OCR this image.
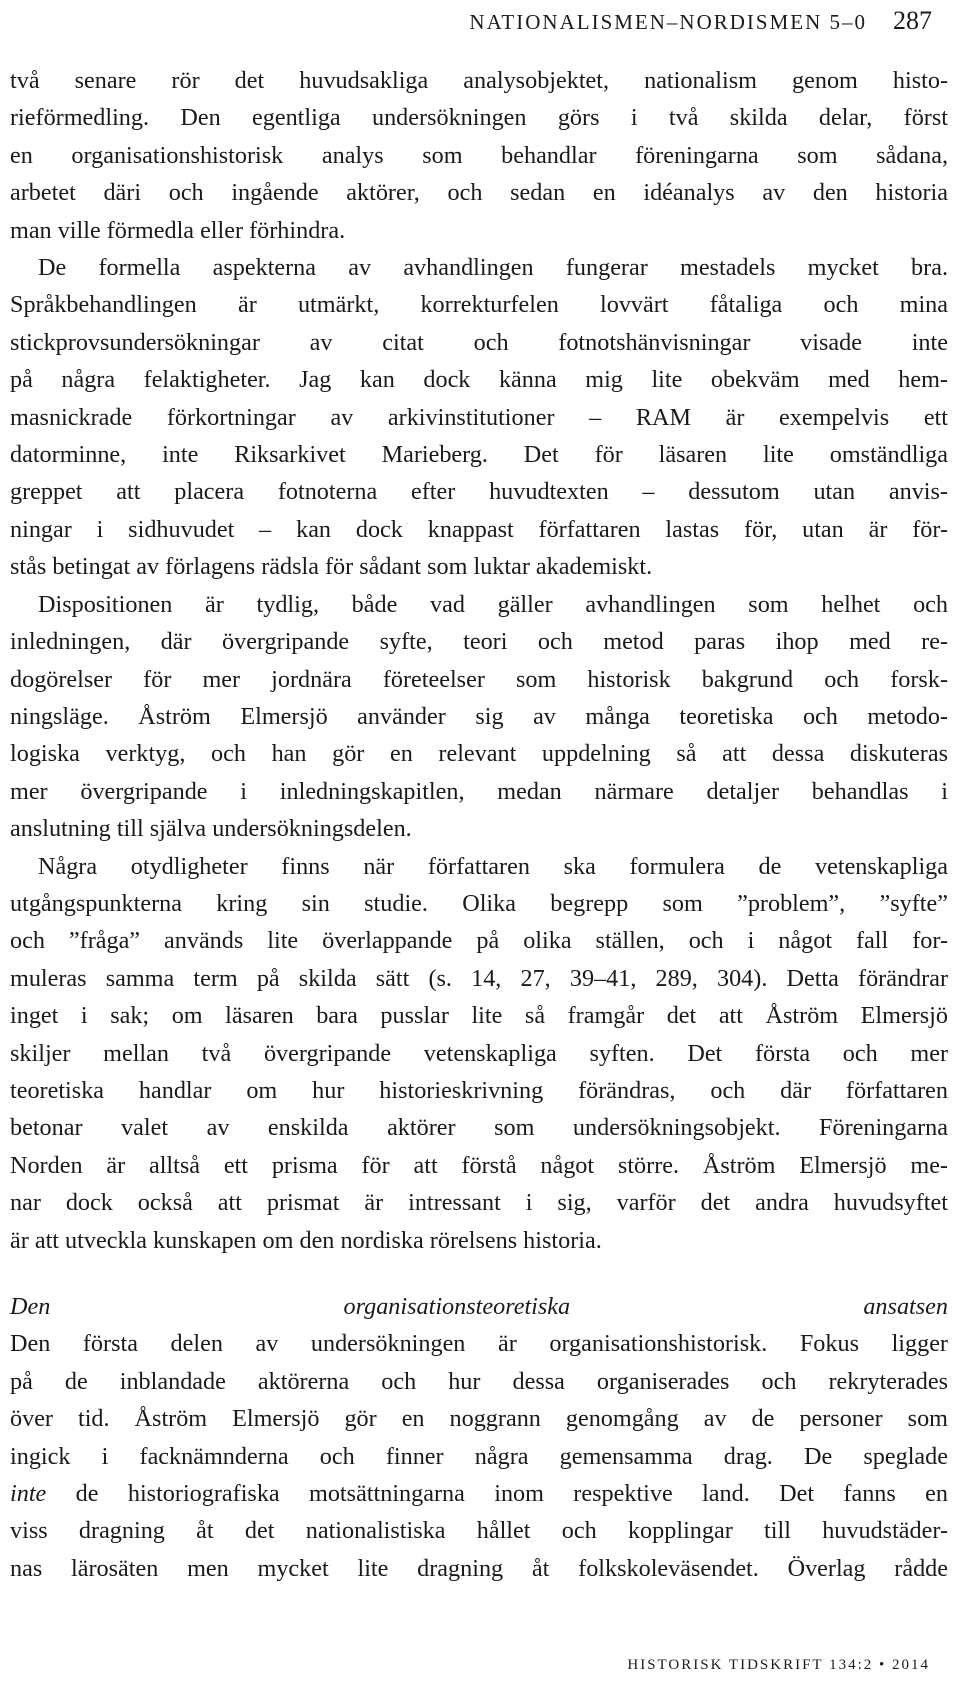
NATIONALISMEN–NORDISMEN 5–0 287

två senare rör det huvudsakliga analysobjektet, nationalism genom histo-

rieförmedling. Den egentliga undersökningen görs i två skilda delar, först

en organisationshistorisk analys som behandlar föreningarna som sådana,

arbetet däri och ingående aktörer, och sedan en idéanalys av den historia

man ville förmedla eller förhindra.

De formella aspekterna av avhandlingen fungerar mestadels mycket bra.

Språkbehandlingen är utmärkt, korrekturfelen lovvärt fåtaliga och mina

stickprovsundersökningar av citat och fotnotshänvisningar visade inte

på några felaktigheter. Jag kan dock känna mig lite obekväm med hem-

masnickrade förkortningar av arkivinstitutioner – RAM är exempelvis ett

datorminne, inte Riksarkivet Marieberg. Det för läsaren lite omständliga

greppet att placera fotnoterna efter huvudtexten – dessutom utan anvis-

ningar i sidhuvudet – kan dock knappast författaren lastas för, utan är för-

stås betingat av förlagens rädsla för sådant som luktar akademiskt.

Dispositionen är tydlig, både vad gäller avhandlingen som helhet och

inledningen, där övergripande syfte, teori och metod paras ihop med re-

dogörelser för mer jordnära företeelser som historisk bakgrund och forsk-

ningsläge. Åström Elmersjö använder sig av många teoretiska och metodo-

logiska verktyg, och han gör en relevant uppdelning så att dessa diskuteras

mer övergripande i inledningskapitlen, medan närmare detaljer behandlas i

anslutning till själva undersökningsdelen.

Några otydligheter finns när författaren ska formulera de vetenskapliga

utgångspunkterna kring sin studie. Olika begrepp som ”problem”, ”syfte”

och ”fråga” används lite överlappande på olika ställen, och i något fall for-

muleras samma term på skilda sätt (s. 14, 27, 39–41, 289, 304). Detta förändrar

inget i sak; om läsaren bara pusslar lite så framgår det att Åström Elmersjö

skiljer mellan två övergripande vetenskapliga syften. Det första och mer

teoretiska handlar om hur historieskrivning förändras, och där författaren

betonar valet av enskilda aktörer som undersökningsobjekt. Föreningarna

Norden är alltså ett prisma för att förstå något större. Åström Elmersjö me-

nar dock också att prismat är intressant i sig, varför det andra huvudsyftet

är att utveckla kunskapen om den nordiska rörelsens historia.

Den organisationsteoretiska ansatsen

Den första delen av undersökningen är organisationshistorisk. Fokus ligger

på de inblandade aktörerna och hur dessa organiserades och rekryterades

över tid. Åström Elmersjö gör en noggrann genomgång av de personer som

ingick i facknämnderna och finner några gemensamma drag. De speglade

inte de historiografiska motsättningarna inom respektive land. Det fanns en

viss dragning åt det nationalistiska hållet och kopplingar till huvudstäder-

nas lärosäten men mycket lite dragning åt folkskoleväsendet. Överlag rådde

HISTORISK TIDSKRIFT 134:2 • 2014
